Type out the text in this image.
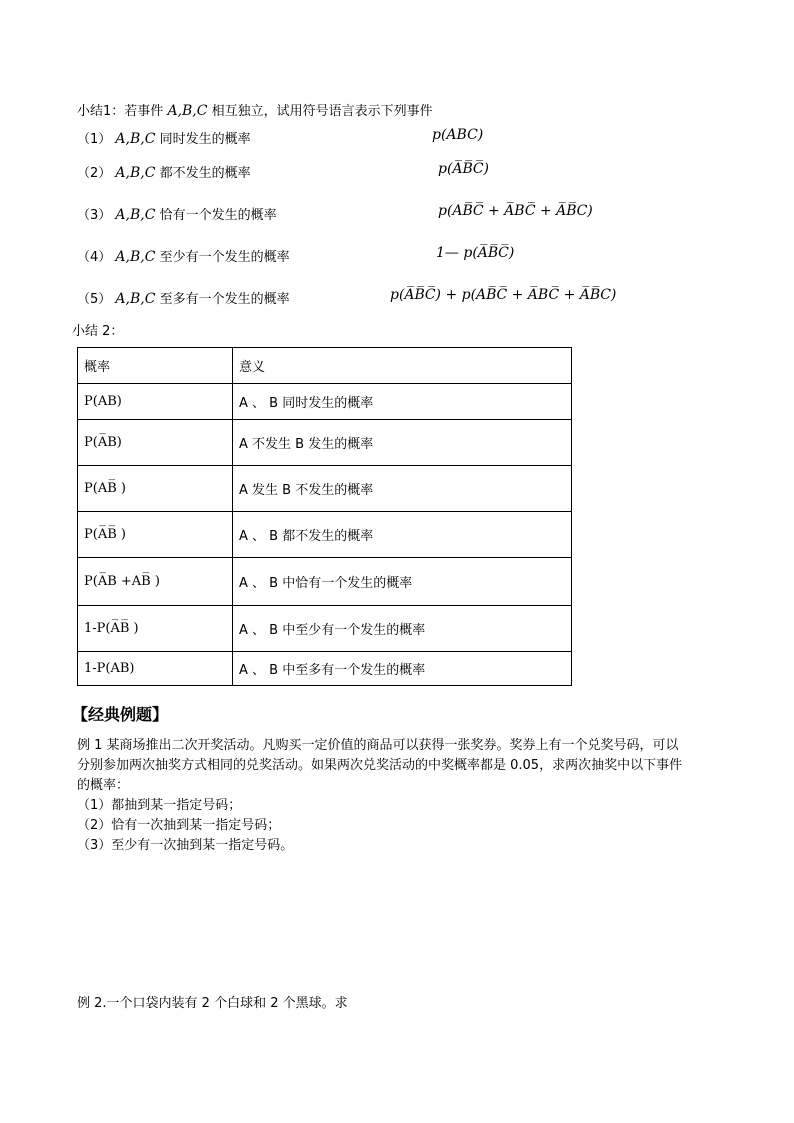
小结1：若事件 A,B,C 相互独立，试用符号语言表示下列事件
（1） A,B,C 同时发生的概率	p(ABC)
（2） A,B,C 都不发生的概率	p(A̅B̅C̅)
（3） A,B,C 恰有一个发生的概率	p(AB̅C̅ + A̅BC̅ + A̅B̅C)
（4） A,B,C 至少有一个发生的概率	1— p(A̅B̅C̅)
（5） A,B,C 至多有一个发生的概率	p(A̅B̅C̅) + p(AB̅C̅ + A̅BC̅ + A̅B̅C)
小结 2：
概率	意义
P(AB)	A 、 B 同时发生的概率
P(A̅B)	A 不发生 B 发生的概率
P(AB̅ )	A 发生 B 不发生的概率
P(A̅B̅ )	A 、 B 都不发生的概率
P(A̅B +AB̅ )	A 、 B 中恰有一个发生的概率
1-P(A̅B̅ )	A 、 B 中至少有一个发生的概率
1-P(AB)	A 、 B 中至多有一个发生的概率
【经典例题】
例 1 某商场推出二次开奖活动。凡购买一定价值的商品可以获得一张奖券。奖券上有一个兑奖号码，可以
分别参加两次抽奖方式相同的兑奖活动。如果两次兑奖活动的中奖概率都是 0.05，求两次抽奖中以下事件
的概率：
（1）都抽到某一指定号码；
（2）恰有一次抽到某一指定号码；
（3）至少有一次抽到某一指定号码。
例 2.一个口袋内装有 2 个白球和 2 个黑球。求
